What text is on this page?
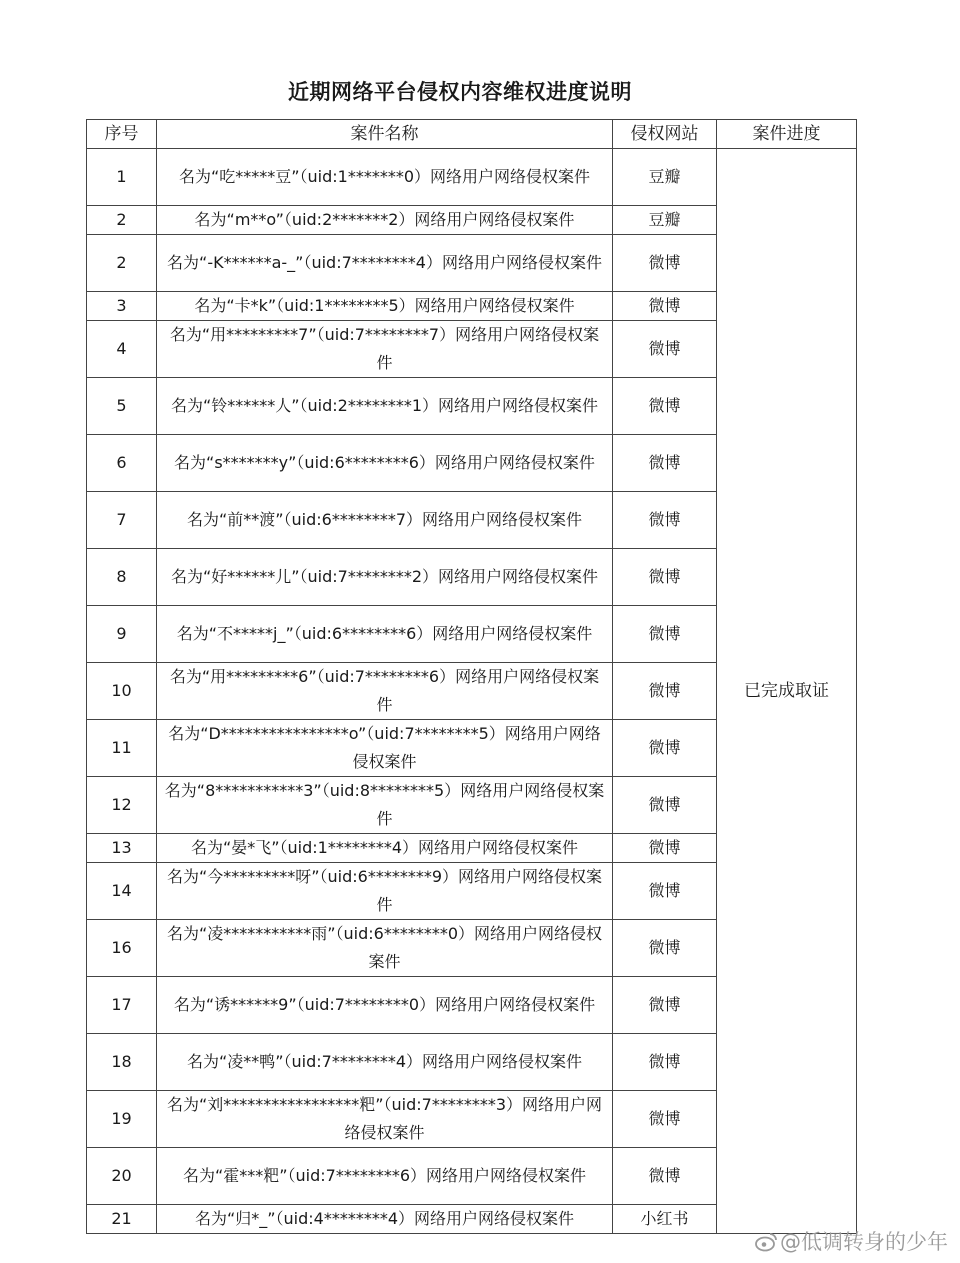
近期网络平台侵权内容维权进度说明
序号	案件名称	侵权网站	案件进度
1	名为“吃*****豆”（uid:1*******0）网络用户网络侵权案件	豆瓣	已完成取证
2	名为“m**o”（uid:2*******2）网络用户网络侵权案件	豆瓣	
2	名为“-K******a-_”（uid:7********4）网络用户网络侵权案件	微博	
3	名为“卡*k”（uid:1********5）网络用户网络侵权案件	微博	
4	名为“用*********7”（uid:7********7）网络用户网络侵权案件	微博	
5	名为“铃******人”（uid:2********1）网络用户网络侵权案件	微博	
6	名为“s*******y”（uid:6********6）网络用户网络侵权案件	微博	
7	名为“前**渡”（uid:6********7）网络用户网络侵权案件	微博	
8	名为“好******儿”（uid:7********2）网络用户网络侵权案件	微博	
9	名为“不*****j_”（uid:6********6）网络用户网络侵权案件	微博	
10	名为“用*********6”（uid:7********6）网络用户网络侵权案件	微博	
11	名为“D****************o”（uid:7********5）网络用户网络侵权案件	微博	
12	名为“8***********3”（uid:8********5）网络用户网络侵权案件	微博	
13	名为“晏*飞”（uid:1********4）网络用户网络侵权案件	微博	
14	名为“今*********呀”（uid:6********9）网络用户网络侵权案件	微博	
16	名为“凌***********雨”（uid:6********0）网络用户网络侵权案件	微博	
17	名为“诱******9”（uid:7********0）网络用户网络侵权案件	微博	
18	名为“凌**鸭”（uid:7********4）网络用户网络侵权案件	微博	
19	名为“刘*****************粑”（uid:7********3）网络用户网络侵权案件	微博	
20	名为“霍***粑”（uid:7********6）网络用户网络侵权案件	微博	
21	名为“归*_”（uid:4********4）网络用户网络侵权案件	小红书	
@低调转身的少年
